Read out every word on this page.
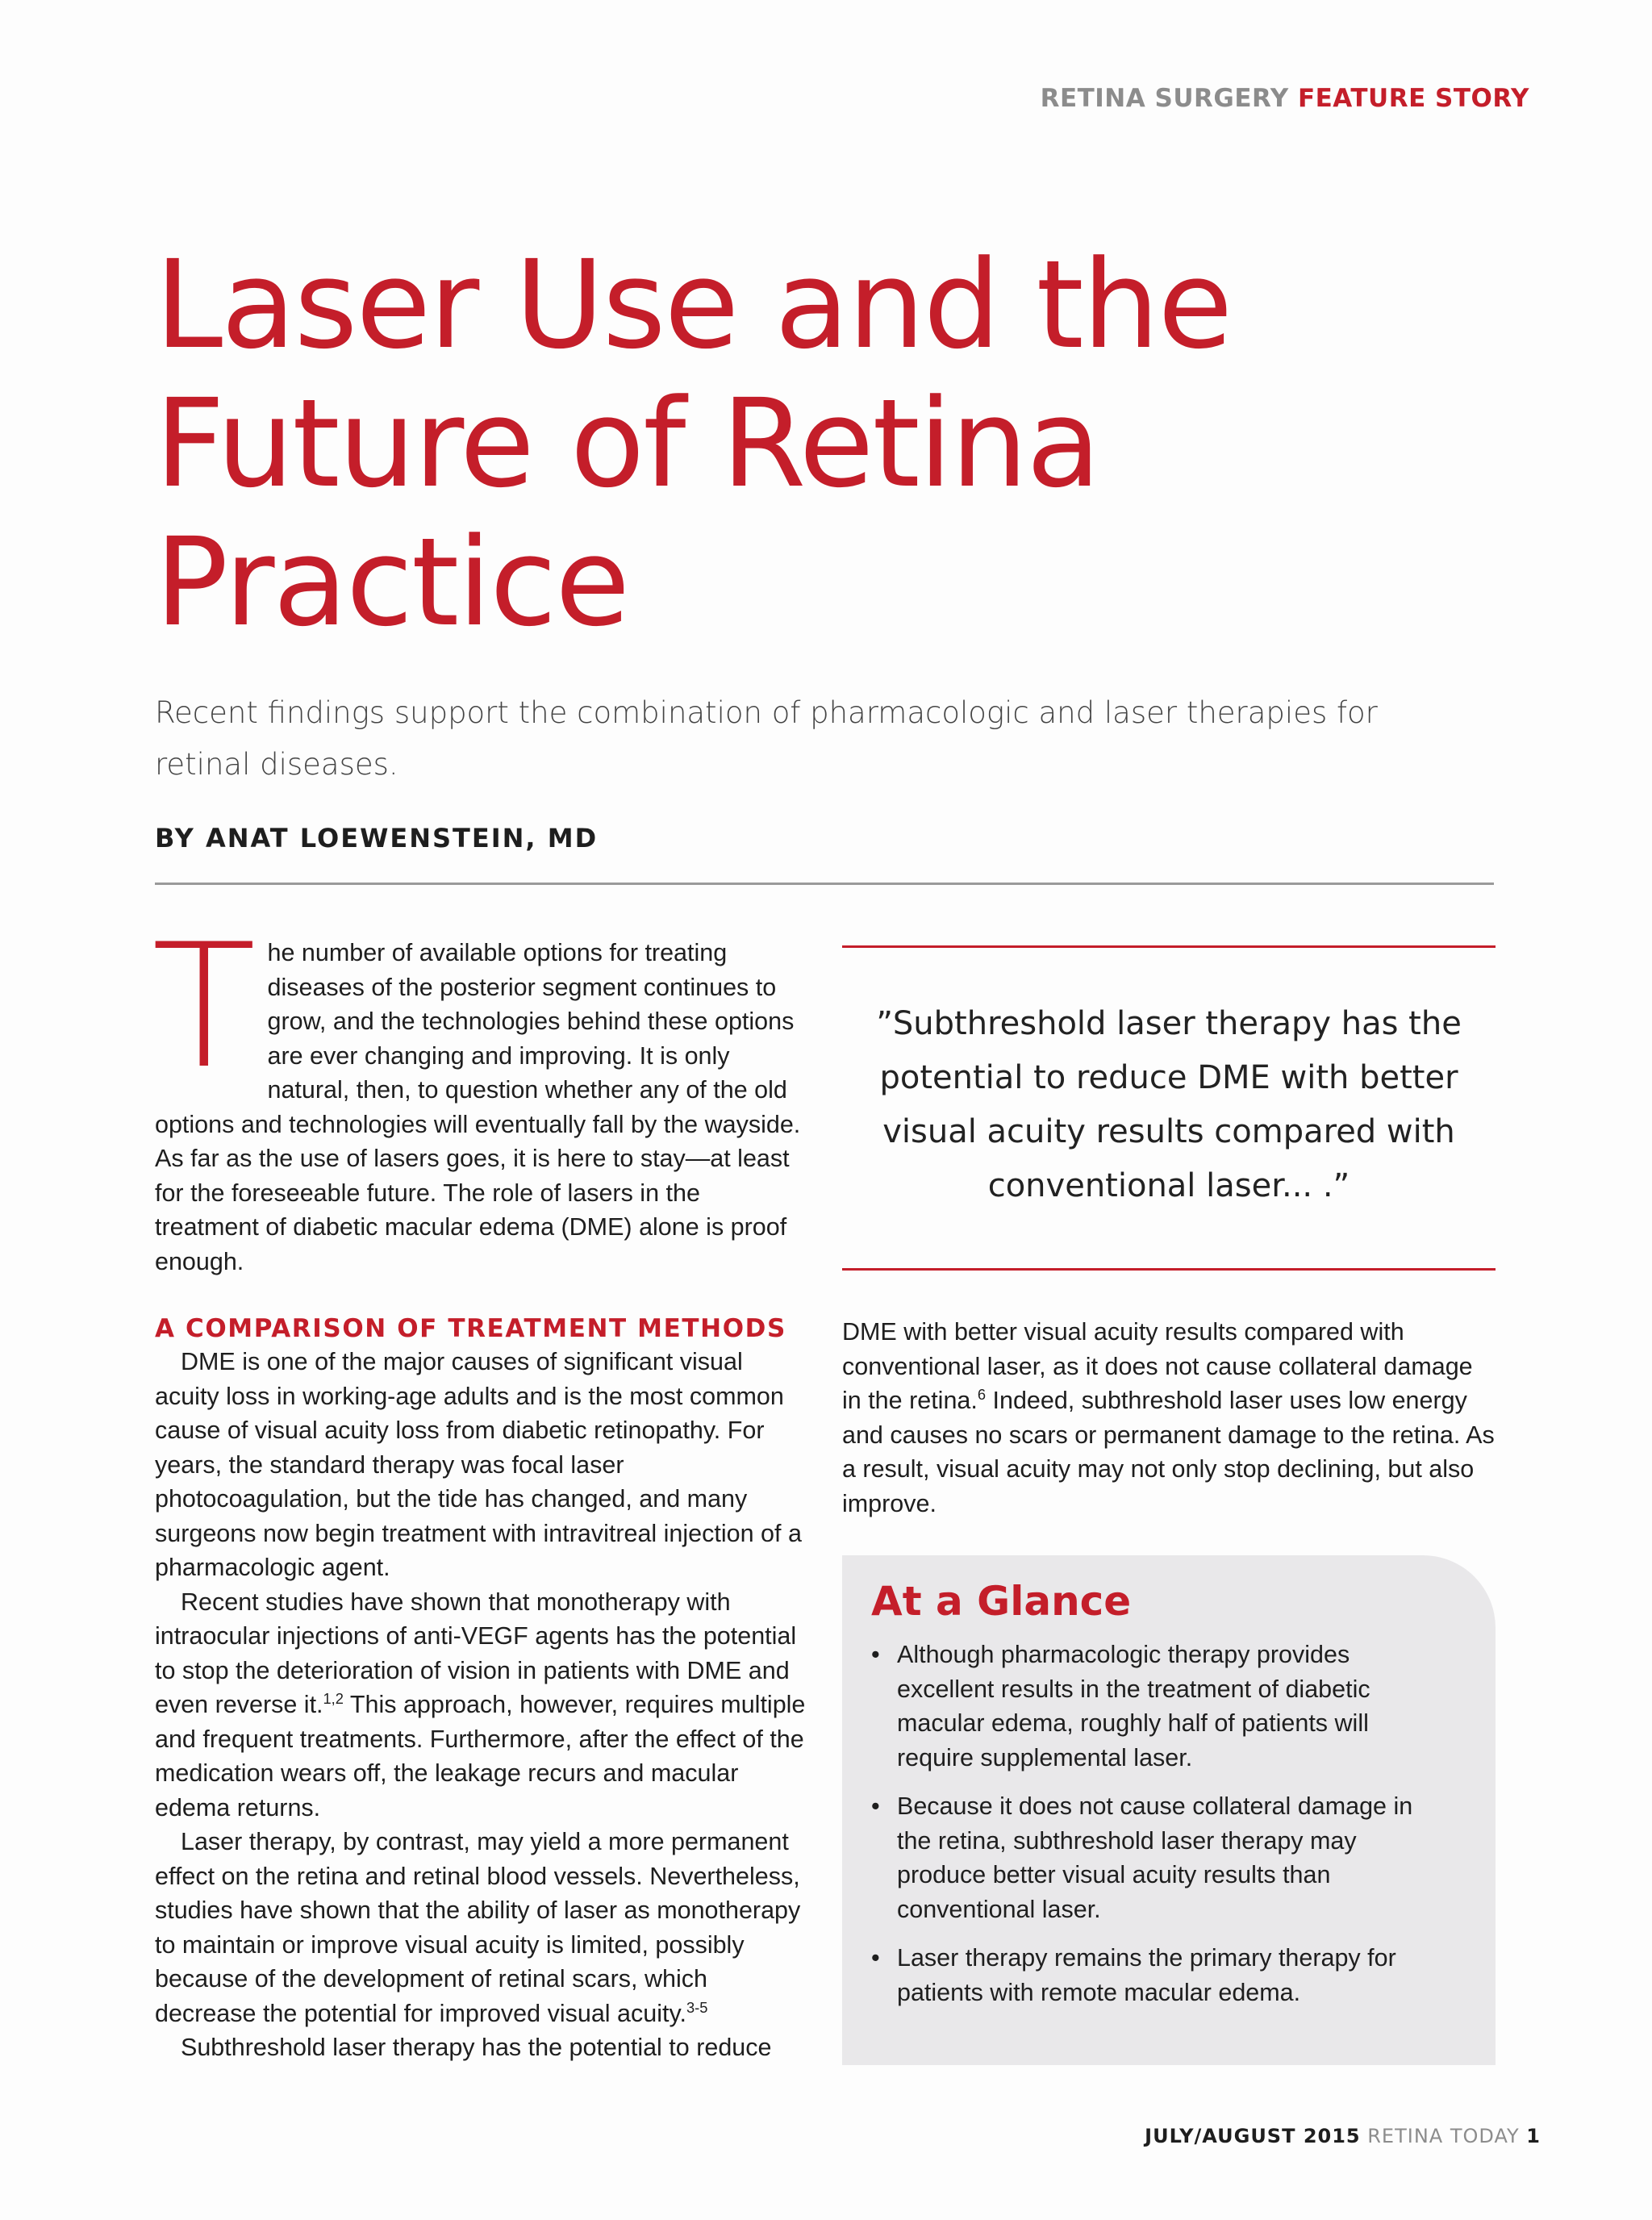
RETINA SURGERY FEATURE STORY
Laser Use and the
Future of Retina
Practice

Recent findings support the combination of pharmacologic and laser therapies for retinal diseases.

BY ANAT LOEWENSTEIN, MD

The number of available options for treating diseases of the posterior segment continues to grow, and the technologies behind these options are ever changing and improving. It is only natural, then, to question whether any of the old options and technologies will eventually fall by the wayside. As far as the use of lasers goes, it is here to stay—at least for the foreseeable future. The role of lasers in the treatment of diabetic macular edema (DME) alone is proof enough.

A COMPARISON OF TREATMENT METHODS

DME is one of the major causes of significant visual acuity loss in working-age adults and is the most common cause of visual acuity loss from diabetic retinopathy. For years, the standard therapy was focal laser photocoagulation, but the tide has changed, and many surgeons now begin treatment with intravitreal injection of a pharmacologic agent.

Recent studies have shown that monotherapy with intraocular injections of anti-VEGF agents has the potential to stop the deterioration of vision in patients with DME and even reverse it.$^{1,2}$ This approach, however, requires multiple and frequent treatments. Furthermore, after the effect of the medication wears off, the leakage recurs and macular edema returns.

Laser therapy, by contrast, may yield a more permanent effect on the retina and retinal blood vessels. Nevertheless, studies have shown that the ability of laser as monotherapy to maintain or improve visual acuity is limited, possibly because of the development of retinal scars, which decrease the potential for improved visual acuity.$^{3-5}$

Subthreshold laser therapy has the potential to reduce

”Subthreshold laser therapy has the potential to reduce DME with better visual acuity results compared with conventional laser... .”

DME with better visual acuity results compared with conventional laser, as it does not cause collateral damage in the retina.$^6$ Indeed, subthreshold laser uses low energy and causes no scars or permanent damage to the retina. As a result, visual acuity may not only stop declining, but also improve.

At a Glance
• Although pharmacologic therapy provides excellent results in the treatment of diabetic macular edema, roughly half of patients will require supplemental laser.
• Because it does not cause collateral damage in the retina, subthreshold laser therapy may produce better visual acuity results than conventional laser.
• Laser therapy remains the primary therapy for patients with remote macular edema.
JULY/AUGUST 2015 RETINA TODAY 1
